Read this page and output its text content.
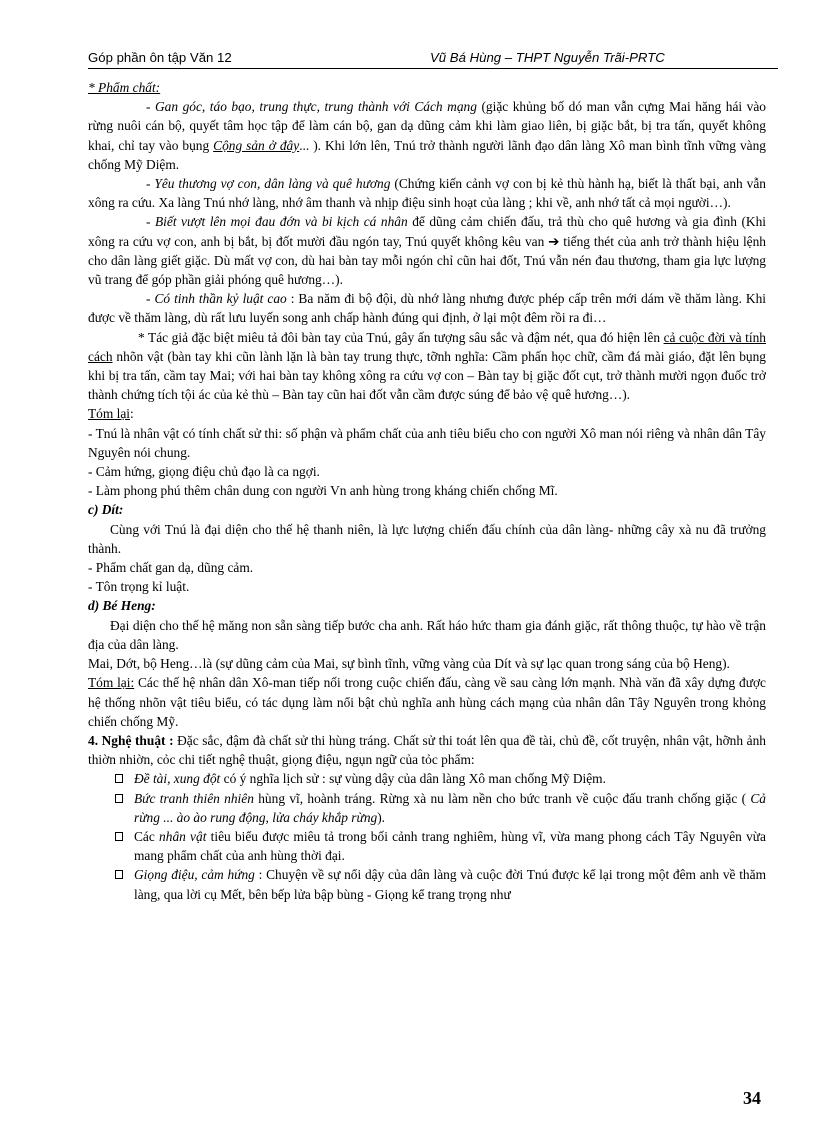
Góp phần ôn tập Văn 12	Vũ Bá Hùng – THPT Nguyễn Trãi-PRTC

* Phẩm chất:

- Gan góc, táo bạo, trung thực, trung thành với Cách mạng (giặc khủng bố dó man vẫn cựng Mai hăng hái vào rừng nuôi cán bộ, quyết tâm học tập để làm cán bộ, gan dạ dũng cảm khi làm giao liên, bị giặc bắt, bị tra tấn, quyết không khai, chỉ tay vào bụng Cộng sản ở đây... ). Khi lớn lên, Tnú trở thành người lãnh đạo dân làng Xô man bình tĩnh vững vàng chống Mỹ Diệm.

- Yêu thương vợ con, dân làng và quê hương (Chứng kiến cảnh vợ con bị kẻ thù hành hạ, biết là thất bại, anh vẫn xông ra cứu. Xa làng Tnú nhớ làng, nhớ âm thanh và nhịp điệu sinh hoạt của làng ; khi về, anh nhớ tất cả mọi người…).

- Biết vượt lên mọi đau đớn và bi kịch cá nhân để dũng cảm chiến đấu, trả thù cho quê hương và gia đình (Khi xông ra cứu vợ con, anh bị bắt, bị đốt mười đầu ngón tay, Tnú quyết không kêu van ➔ tiếng thét của anh trở thành hiệu lệnh cho dân làng giết giặc. Dù mất vợ con, dù hai bàn tay mỗi ngón chỉ cũn hai đốt, Tnú vẫn nén đau thương, tham gia lực lượng vũ trang để góp phần giải phóng quê hương…).

- Có tinh thần kỷ luật cao : Ba năm đi bộ đội, dù nhớ làng nhưng được phép cấp trên mới dám về thăm làng. Khi được về thăm làng, dù rất lưu luyến song anh chấp hành đúng qui định, ở lại một đêm rồi ra đi…

* Tác giả đặc biệt miêu tả đôi bàn tay của Tnú, gây ấn tượng sâu sắc và đậm nét, qua đó hiện lên cả cuộc đời và tính cách nhõn vật (bàn tay khi cũn lành lặn là bàn tay trung thực, tỡnh nghĩa: Cầm phấn học chữ, cầm đá mài giáo, đặt lên bụng khi bị tra tấn, cầm tay Mai; với hai bàn tay không xông ra cứu vợ con – Bàn tay bị giặc đốt cụt, trở thành mười ngọn đuốc trở thành chứng tích tội ác của kẻ thù – Bàn tay cũn hai đốt vẫn cầm được súng để bảo vệ quê hương…).

Tóm lại:

- Tnú là nhân vật có tính chất sử thi: số phận và phẩm chất của anh tiêu biểu cho con người Xô man nói riêng và nhân dân Tây Nguyên nói chung.

- Cảm hứng, giọng điệu chủ đạo là ca ngợi.

- Làm phong phú thêm chân dung con người Vn anh hùng trong kháng chiến chống Mĩ.

c) Dít:

Cùng với Tnú là đại diện cho thế hệ thanh niên, là lực lượng chiến đấu chính của dân làng- những cây xà nu đã trưởng thành.

- Phẩm chất gan dạ, dũng cảm.

- Tôn trọng kỉ luật.

d) Bé Heng:

Đại diện cho thế hệ măng non sẵn sàng tiếp bước cha anh. Rất háo hức tham gia đánh giặc, rất thông thuộc, tự hào về trận địa của dân làng.

Mai, Dớt, bộ Heng…là (sự dũng cảm của Mai, sự bình tĩnh, vững vàng của Dít và sự lạc quan trong sáng của bộ Heng).

Tóm lại: Các thế hệ nhân dân Xô-man tiếp nối trong cuộc chiến đấu, càng về sau càng lớn mạnh. Nhà văn đã xây dựng được hệ thống nhõn vật tiêu biểu, có tác dụng làm nổi bật chủ nghĩa anh hùng cách mạng của nhân dân Tây Nguyên trong khỏng chiến chống Mỹ.

4. Nghệ thuật : Đặc sắc, đậm đà chất sử thi hùng tráng. Chất sử thi toát lên qua đề tài, chủ đề, cốt truyện, nhân vật, hỡnh ảnh thiờn nhiờn, cỏc chi tiết nghệ thuật, giọng điệu, ngụn ngữ của tỏc phẩm:

Đề tài, xung đột có ý nghĩa lịch sử : sự vùng dậy của dân làng Xô man chống Mỹ Diệm.
Bức tranh thiên nhiên hùng vĩ, hoành tráng. Rừng xà nu làm nền cho bức tranh về cuộc đấu tranh chống giặc ( Cả rừng ... ào ào rung động, lửa cháy khắp rừng).
Các nhân vật tiêu biểu được miêu tả trong bối cảnh trang nghiêm, hùng vĩ, vừa mang phong cách Tây Nguyên vừa mang phẩm chất của anh hùng thời đại.
Giọng điệu, cảm hứng : Chuyện về sự nổi dậy của dân làng và cuộc đời Tnú được kể lại trong một đêm anh về thăm làng, qua lời cụ Mết, bên bếp lửa bập bùng - Giọng kể trang trọng như
34
